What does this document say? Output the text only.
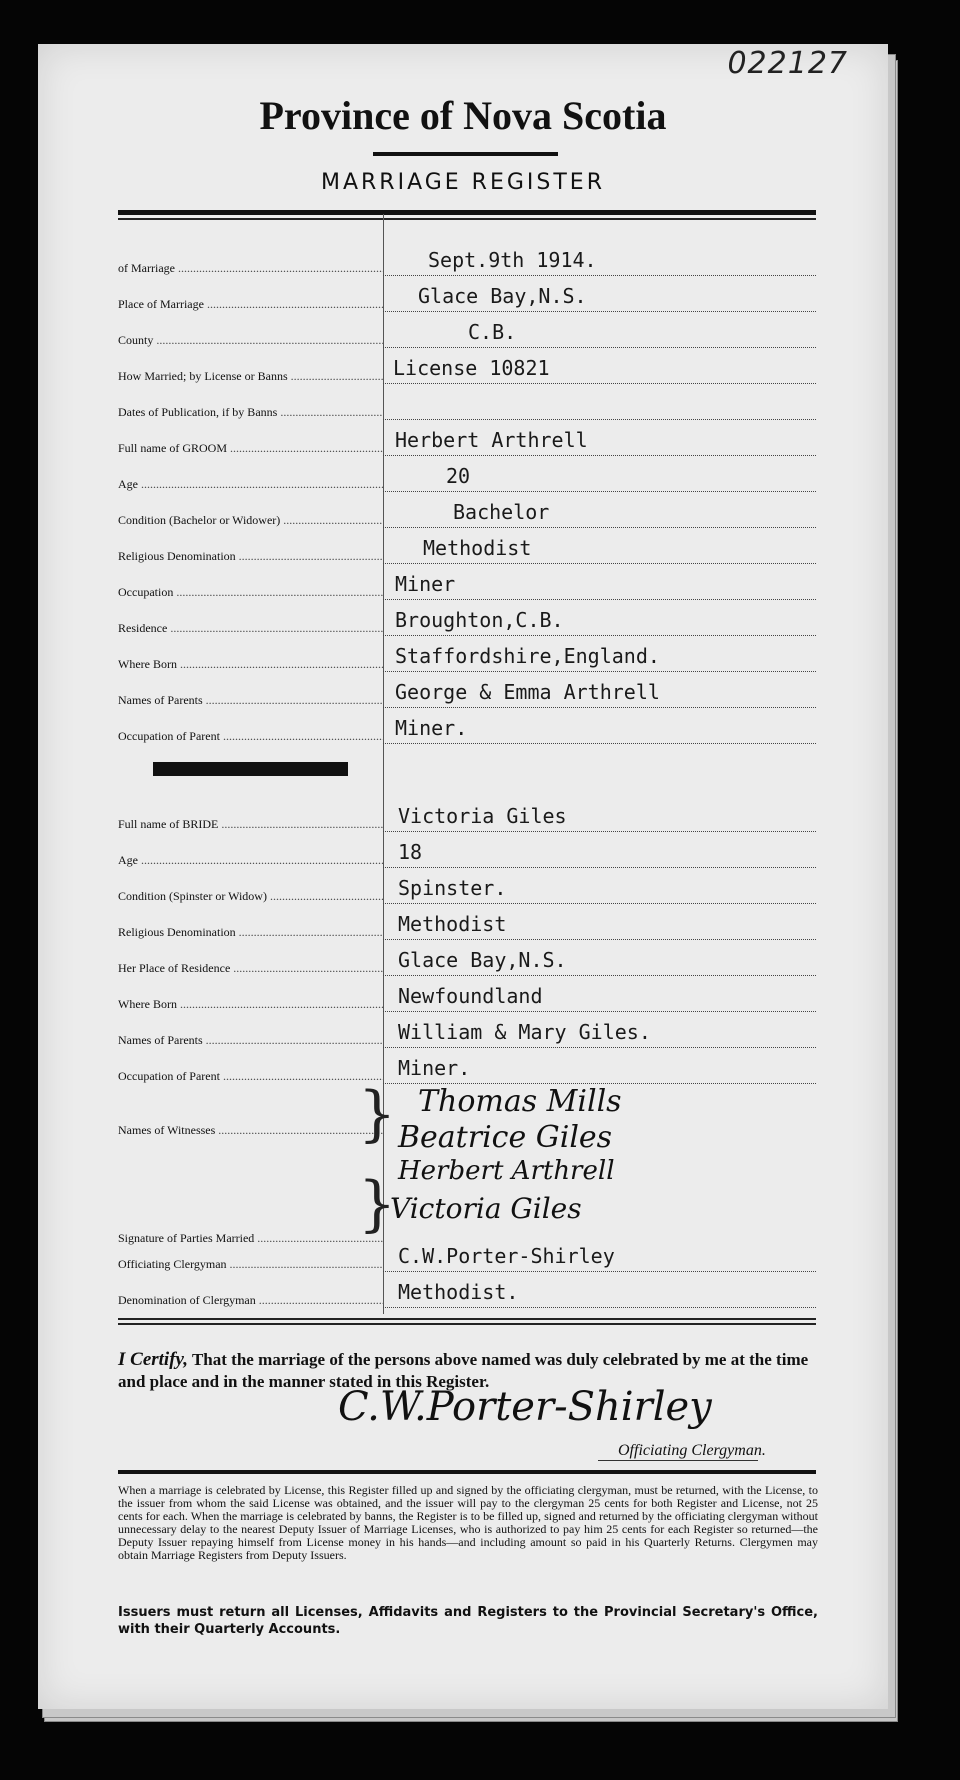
022127
Province of Nova Scotia
MARRIAGE REGISTER
of Marriage .....	Sept.9th 1914.
Place of Marriage .....	Glace Bay,N.S.
County .....	C.B.
How Married; by License or Banns .....	License 10821
Dates of Publication, if by Banns .....
Full name of GROOM .....	Herbert Arthrell
Age .....	20
Condition (Bachelor or Widower) .....	Bachelor
Religious Denomination .....	Methodist
Occupation .....	Miner
Residence .....	Broughton,C.B.
Where Born .....	Staffordshire,England.
Names of Parents .....	George & Emma Arthrell
Occupation of Parent .....	Miner.
Full name of BRIDE .....	Victoria Giles
Age .....	18
Condition (Spinster or Widow) .....	Spinster.
Religious Denomination .....	Methodist
Her Place of Residence .....	Glace Bay,N.S.
Where Born .....	Newfoundland
Names of Parents .....	William & Mary Giles.
Occupation of Parent .....	Miner.
Names of Witnesses .....	} Thomas Mills
Beatrice Giles
Signature of Parties Married .....	} Herbert Arthrell
Victoria Giles
Officiating Clergyman .....	C.W.Porter-Shirley
Denomination of Clergyman .....	Methodist.
I Certify, That the marriage of the persons above named was duly celebrated by me at the time and place and in the manner stated in this Register.
C.W.Porter-Shirley
Officiating Clergyman.
When a marriage is celebrated by License, this Register filled up and signed by the officiating clergyman, must be returned, with the License, to the issuer from whom the said License was obtained, and the issuer will pay to the clergyman 25 cents for both Register and License, not 25 cents for each. When the marriage is celebrated by banns, the Register is to be filled up, signed and returned by the officiating clergyman without unnecessary delay to the nearest Deputy Issuer of Marriage Licenses, who is authorized to pay him 25 cents for each Register so returned—the Deputy Issuer repaying himself from License money in his hands—and including amount so paid in his Quarterly Returns. Clergymen may obtain Marriage Registers from Deputy Issuers.
Issuers must return all Licenses, Affidavits and Registers to the Provincial Secretary's Office, with their Quarterly Accounts.
